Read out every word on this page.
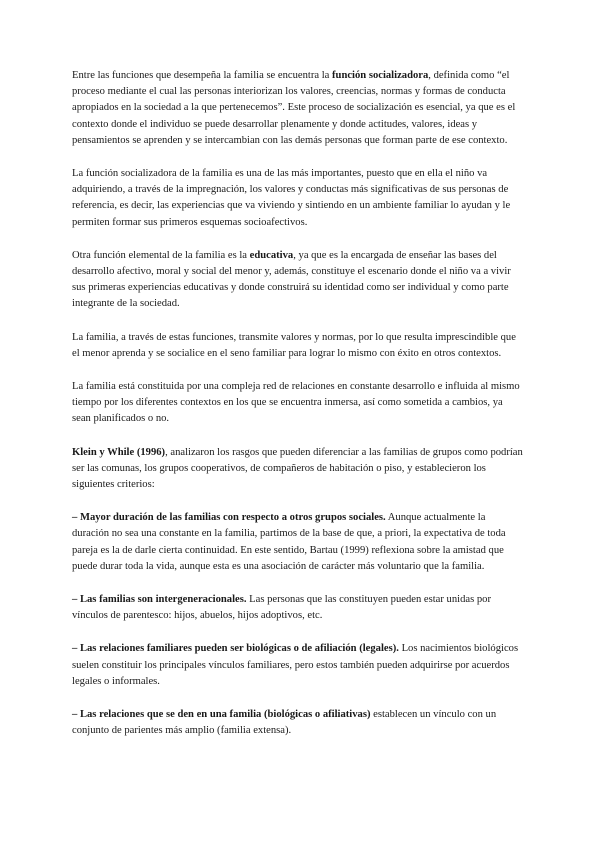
Entre las funciones que desempeña la familia se encuentra la función socializadora, definida como “el proceso mediante el cual las personas interiorizan los valores, creencias, normas y formas de conducta apropiados en la sociedad a la que pertenecemos”. Este proceso de socialización es esencial, ya que es el contexto donde el individuo se puede desarrollar plenamente y donde actitudes, valores, ideas y pensamientos se aprenden y se intercambian con las demás personas que forman parte de ese contexto.

La función socializadora de la familia es una de las más importantes, puesto que en ella el niño va adquiriendo, a través de la impregnación, los valores y conductas más significativas de sus personas de referencia, es decir, las experiencias que va viviendo y sintiendo en un ambiente familiar lo ayudan y le permiten formar sus primeros esquemas socioafectivos.

Otra función elemental de la familia es la educativa, ya que es la encargada de enseñar las bases del desarrollo afectivo, moral y social del menor y, además, constituye el escenario donde el niño va a vivir sus primeras experiencias educativas y donde construirá su identidad como ser individual y como parte integrante de la sociedad.

La familia, a través de estas funciones, transmite valores y normas, por lo que resulta imprescindible que el menor aprenda y se socialice en el seno familiar para lograr lo mismo con éxito en otros contextos.

La familia está constituida por una compleja red de relaciones en constante desarrollo e influida al mismo tiempo por los diferentes contextos en los que se encuentra inmersa, así como sometida a cambios, ya sean planificados o no.

Klein y While (1996), analizaron los rasgos que pueden diferenciar a las familias de grupos como podrían ser las comunas, los grupos cooperativos, de compañeros de habitación o piso, y establecieron los siguientes criterios:

– Mayor duración de las familias con respecto a otros grupos sociales. Aunque actualmente la duración no sea una constante en la familia, partimos de la base de que, a priori, la expectativa de toda pareja es la de darle cierta continuidad. En este sentido, Bartau (1999) reflexiona sobre la amistad que puede durar toda la vida, aunque esta es una asociación de carácter más voluntario que la familia.

– Las familias son intergeneracionales. Las personas que las constituyen pueden estar unidas por vínculos de parentesco: hijos, abuelos, hijos adoptivos, etc.

– Las relaciones familiares pueden ser biológicas o de afiliación (legales). Los nacimientos biológicos suelen constituir los principales vínculos familiares, pero estos también pueden adquirirse por acuerdos legales o informales.

– Las relaciones que se den en una familia (biológicas o afiliativas) establecen un vínculo con un conjunto de parientes más amplio (familia extensa).
